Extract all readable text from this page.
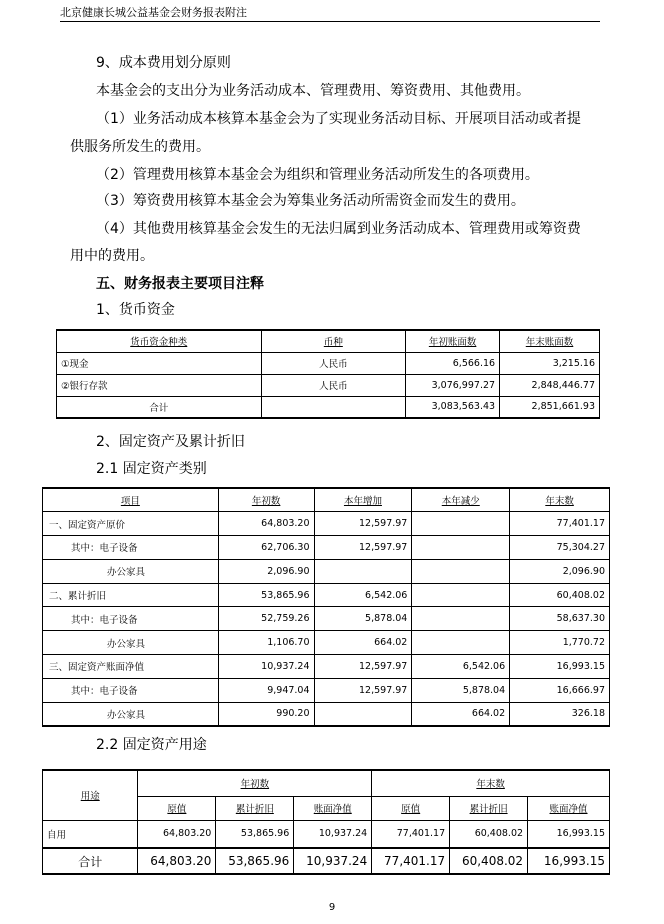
北京健康长城公益基金会财务报表附注
9、成本费用划分原则
本基金会的支出分为业务活动成本、管理费用、筹资费用、其他费用。
（1）业务活动成本核算本基金会为了实现业务活动目标、开展项目活动或者提
供服务所发生的费用。
（2）管理费用核算本基金会为组织和管理业务活动所发生的各项费用。
（3）筹资费用核算本基金会为筹集业务活动所需资金而发生的费用。
（4）其他费用核算基金会发生的无法归属到业务活动成本、管理费用或筹资费
用中的费用。
五、财务报表主要项目注释
1、货币资金
货币资金种类	币种	年初账面数	年末账面数
①现金	人民币	6,566.16	3,215.16
②银行存款	人民币	3,076,997.27	2,848,446.77
合计		3,083,563.43	2,851,661.93
2、固定资产及累计折旧
2.1 固定资产类别
项目	年初数	本年增加	本年减少	年末数
一、固定资产原价	64,803.20	12,597.97		77,401.17
其中：电子设备	62,706.30	12,597.97		75,304.27
办公家具	2,096.90			2,096.90
二、累计折旧	53,865.96	6,542.06		60,408.02
其中：电子设备	52,759.26	5,878.04		58,637.30
办公家具	1,106.70	664.02		1,770.72
三、固定资产账面净值	10,937.24	12,597.97	6,542.06	16,993.15
其中：电子设备	9,947.04	12,597.97	5,878.04	16,666.97
办公家具	990.20		664.02	326.18
2.2 固定资产用途
用途	年初数			年末数		
	原值	累计折旧	账面净值	原值	累计折旧	账面净值
自用	64,803.20	53,865.96	10,937.24	77,401.17	60,408.02	16,993.15
合计	64,803.20	53,865.96	10,937.24	77,401.17	60,408.02	16,993.15
9
